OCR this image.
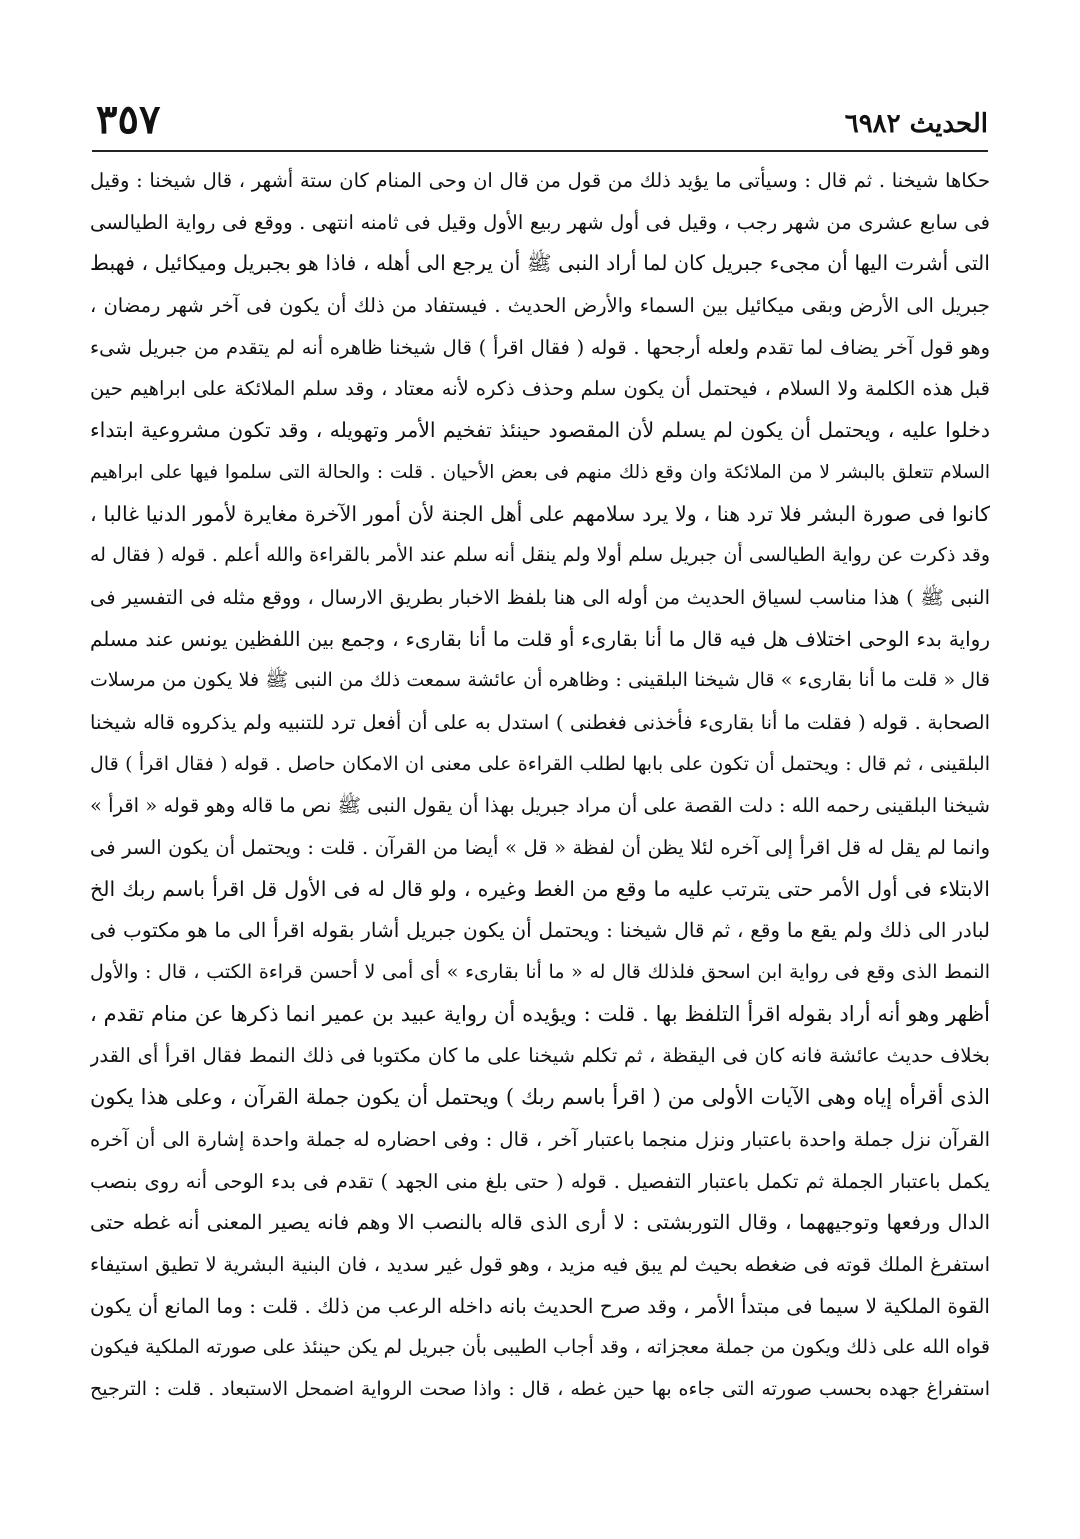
٣٥٧	الحديث ٦٩٨٢
حكاها شيخنا . ثم قال : وسيأتى ما يؤيد ذلك من قول من قال ان وحى المنام كان ستة أشهر ، قال شيخنا : وقيل
فى سابع عشرى من شهر رجب ، وقيل فى أول شهر ربيع الأول وقيل فى ثامنه انتهى . ووقع فى رواية الطيالسى
التى أشرت اليها أن مجىء جبريل كان لما أراد النبى ﷺ أن يرجع الى أهله ، فاذا هو بجبريل وميكائيل ، فهبط
جبريل الى الأرض وبقى ميكائيل بين السماء والأرض الحديث . فيستفاد من ذلك أن يكون فى آخر شهر رمضان ،
وهو قول آخر يضاف لما تقدم ولعله أرجحها . قوله ( فقال اقرأ ) قال شيخنا ظاهره أنه لم يتقدم من جبريل شىء
قبل هذه الكلمة ولا السلام ، فيحتمل أن يكون سلم وحذف ذكره لأنه معتاد ، وقد سلم الملائكة على ابراهيم حين
دخلوا عليه ، ويحتمل أن يكون لم يسلم لأن المقصود حينئذ تفخيم الأمر وتهويله ، وقد تكون مشروعية ابتداء
السلام تتعلق بالبشر لا من الملائكة وان وقع ذلك منهم فى بعض الأحيان . قلت : والحالة التى سلموا فيها على ابراهيم
كانوا فى صورة البشر فلا ترد هنا ، ولا يرد سلامهم على أهل الجنة لأن أمور الآخرة مغايرة لأمور الدنيا غالبا ،
وقد ذكرت عن رواية الطيالسى أن جبريل سلم أولا ولم ينقل أنه سلم عند الأمر بالقراءة والله أعلم . قوله ( فقال له
النبى ﷺ ) هذا مناسب لسياق الحديث من أوله الى هنا بلفظ الاخبار بطريق الارسال ، ووقع مثله فى التفسير فى
رواية بدء الوحى اختلاف هل فيه قال ما أنا بقارىء أو قلت ما أنا بقارىء ، وجمع بين اللفظين يونس عند مسلم
قال « قلت ما أنا بقارىء » قال شيخنا البلقينى : وظاهره أن عائشة سمعت ذلك من النبى ﷺ فلا يكون من مرسلات
الصحابة . قوله ( فقلت ما أنا بقارىء فأخذنى فغطنى ) استدل به على أن أفعل ترد للتنبيه ولم يذكروه قاله شيخنا
البلقينى ، ثم قال : ويحتمل أن تكون على بابها لطلب القراءة على معنى ان الامكان حاصل . قوله ( فقال اقرأ ) قال
شيخنا البلقينى رحمه الله : دلت القصة على أن مراد جبريل بهذا أن يقول النبى ﷺ نص ما قاله وهو قوله « اقرأ »
وانما لم يقل له قل اقرأ إلى آخره لئلا يظن أن لفظة « قل » أيضا من القرآن . قلت : ويحتمل أن يكون السر فى
الابتلاء فى أول الأمر حتى يترتب عليه ما وقع من الغط وغيره ، ولو قال له فى الأول قل اقرأ باسم ربك الخ
لبادر الى ذلك ولم يقع ما وقع ، ثم قال شيخنا : ويحتمل أن يكون جبريل أشار بقوله اقرأ الى ما هو مكتوب فى
النمط الذى وقع فى رواية ابن اسحق فلذلك قال له « ما أنا بقارىء » أى أمى لا أحسن قراءة الكتب ، قال : والأول
أظهر وهو أنه أراد بقوله اقرأ التلفظ بها . قلت : ويؤيده أن رواية عبيد بن عمير انما ذكرها عن منام تقدم ،
بخلاف حديث عائشة فانه كان فى اليقظة ، ثم تكلم شيخنا على ما كان مكتوبا فى ذلك النمط فقال اقرأ أى القدر
الذى أقرأه إياه وهى الآيات الأولى من ( اقرأ باسم ربك ) ويحتمل أن يكون جملة القرآن ، وعلى هذا يكون
القرآن نزل جملة واحدة باعتبار ونزل منجما باعتبار آخر ، قال : وفى احضاره له جملة واحدة إشارة الى أن آخره
يكمل باعتبار الجملة ثم تكمل باعتبار التفصيل . قوله ( حتى بلغ منى الجهد ) تقدم فى بدء الوحى أنه روى بنصب
الدال ورفعها وتوجيههما ، وقال التوربشتى : لا أرى الذى قاله بالنصب الا وهم فانه يصير المعنى أنه غطه حتى
استفرغ الملك قوته فى ضغطه بحيث لم يبق فيه مزيد ، وهو قول غير سديد ، فان البنية البشرية لا تطيق استيفاء
القوة الملكية لا سيما فى مبتدأ الأمر ، وقد صرح الحديث بانه داخله الرعب من ذلك . قلت : وما المانع أن يكون
قواه الله على ذلك ويكون من جملة معجزاته ، وقد أجاب الطيبى بأن جبريل لم يكن حينئذ على صورته الملكية فيكون
استفراغ جهده بحسب صورته التى جاءه بها حين غطه ، قال : واذا صحت الرواية اضمحل الاستبعاد . قلت : الترجيح
